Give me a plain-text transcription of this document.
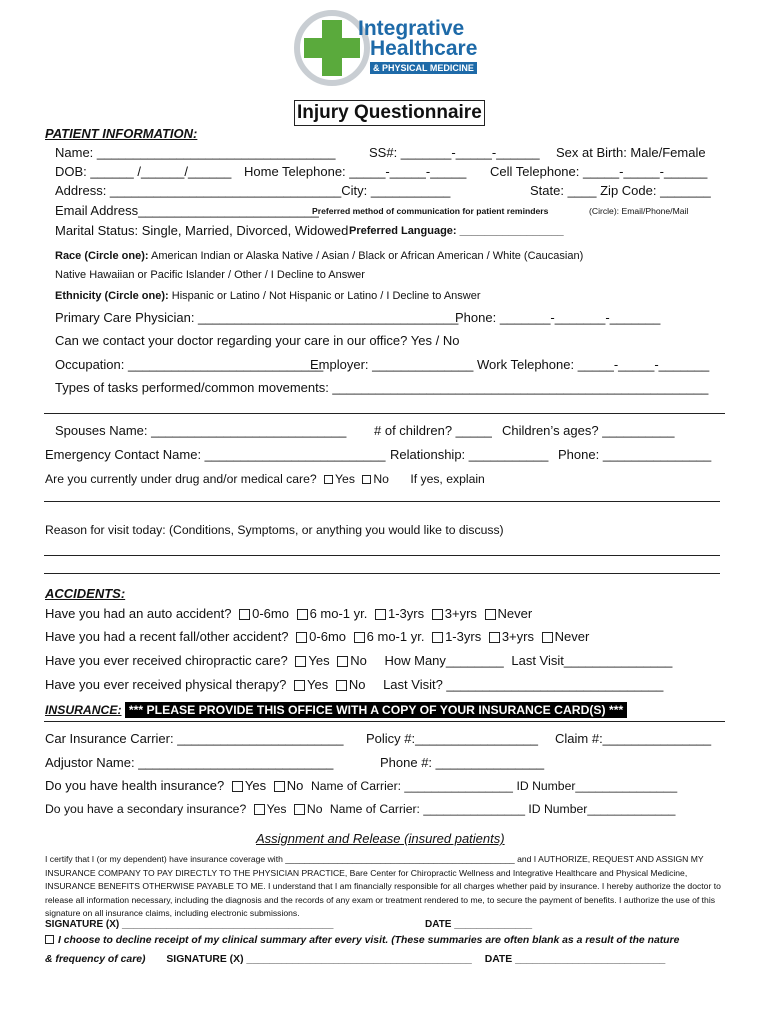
Integrative
Healthcare
& PHYSICAL MEDICINE
Injury Questionnaire
PATIENT INFORMATION:
Name: _________________________________	SS#: _______-_____-______ Sex at Birth: Male/Female
DOB: ______ /______/______ Home Telephone: _____-_____-_____ Cell Telephone: _____-_____-______
Address: ________________________________City: ___________	State: ____ Zip Code: _______
Email Address_________________________
Preferred method of communication for patient reminders	(Circle): Email/Phone/Mail
Marital Status: Single, Married, Divorced, Widowed Preferred Language: _________________
Race (Circle one): American Indian or Alaska Native / Asian / Black or African American / White (Caucasian)
Native Hawaiian or Pacific Islander / Other / I Decline to Answer
Ethnicity (Circle one): Hispanic or Latino / Not Hispanic or Latino / I Decline to Answer
Primary Care Physician: ____________________________________
Phone: _______-_______-_______
Can we contact your doctor regarding your care in our office? Yes / No
Occupation: ___________________________
Employer: ______________ Work Telephone: _____-_____-_______
Types of tasks performed/common movements: ____________________________________________________
Spouses Name: ___________________________ # of children? _____ Children’s ages? __________
Emergency Contact Name: _________________________ Relationship: ___________ Phone: _______________
Are you currently under drug and/or medical care? Yes No If yes, explain
Reason for visit today: (Conditions, Symptoms, or anything you would like to discuss)
ACCIDENTS:
Have you had an auto accident? 0-6mo 6 mo-1 yr. 1-3yrs 3+yrs Never
Have you had a recent fall/other accident? 0-6mo 6 mo-1 yr. 1-3yrs 3+yrs Never
Have you ever received chiropractic care? Yes No How Many________ Last Visit_______________
Have you ever received physical therapy? Yes No Last Visit? ______________________________
INSURANCE: *** PLEASE PROVIDE THIS OFFICE WITH A COPY OF YOUR INSURANCE CARD(S) ***
Car Insurance Carrier: _______________________ Policy #:_________________ Claim #:_______________
Adjustor Name: ___________________________	Phone #: _______________
Do you have health insurance? Yes No Name of Carrier: ________________ ID Number_______________
Do you have a secondary insurance? Yes No Name of Carrier: _______________ ID Number_____________
Assignment and Release (insured patients)
I certify that I (or my dependent) have insurance coverage with ________________________________________________ and I AUTHORIZE, REQUEST AND ASSIGN MY INSURANCE COMPANY TO PAY DIRECTLY TO THE PHYSICIAN PRACTICE, Bare Center for Chiropractic Wellness and Integrative Healthcare and Physical Medicine, INSURANCE BENEFITS OTHERWISE PAYABLE TO ME. I understand that I am financially responsible for all charges whether paid by insurance. I hereby authorize the doctor to release all information necessary, including the diagnosis and the records of any exam or treatment rendered to me, to secure the payment of benefits. I authorize the use of this signature on all insurance claims, including electronic submissions.
SIGNATURE (X) ______________________________________	DATE ______________
I choose to decline receipt of my clinical summary after every visit. (These summaries are often blank as a result of the nature
& frequency of care) SIGNATURE (X) _______________________________________ DATE __________________________
